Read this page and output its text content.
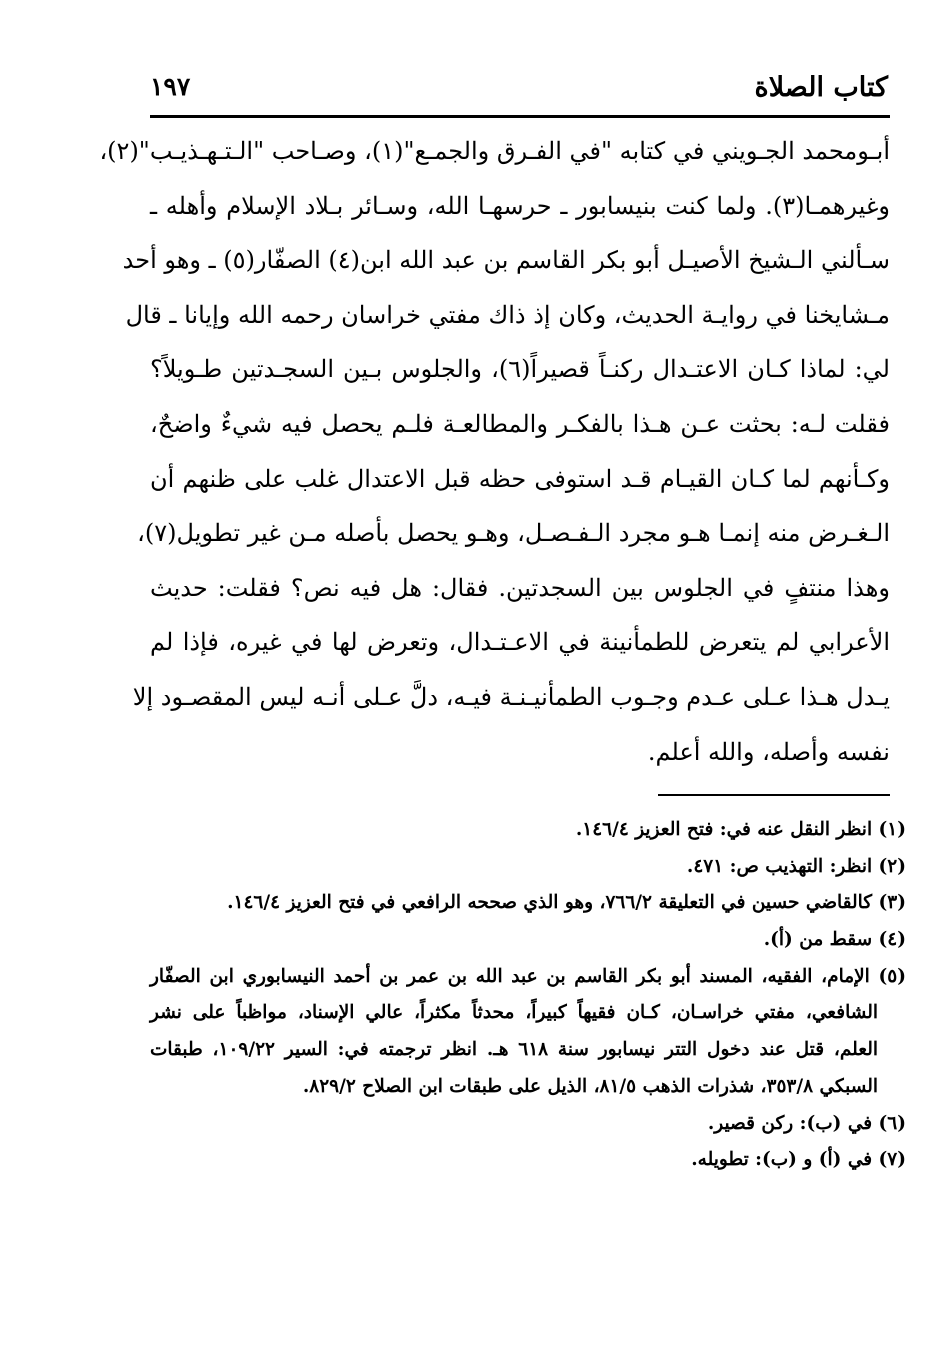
كتاب الصلاة
١٩٧
أبـومحمد الجـويني في كتابه "في الفـرق والجمـع"(١)، وصـاحب "الـتـهـذيـب"(٢)،
وغيرهمـا(٣). ولما كنت بنيسابور ـ حرسهـا الله، وسـائر بـلاد الإسلام وأهله ـ
سـألني الـشيخ الأصيـل أبو بكر القاسم بن عبد الله ابن(٤) الصفّار(٥) ـ وهو أحد
مـشايخنا في روايـة الحديث، وكان إذ ذاك مفتي خراسان رحمه الله وإيانا ـ قال
لي: لماذا كـان الاعتـدال ركنـاً قصيراً(٦)، والجلوس بـين السجـدتين طـويلاً؟
فقلت لـه: بحثت عـن هـذا بالفكـر والمطالعـة فلـم يحصل فيه شيءٌ واضحٌ،
وكـأنهم لما كـان القيـام قـد استوفى حظه قبل الاعتدال غلب على ظنهم أن
الـغـرض منه إنمـا هـو مجرد الـفـصـل، وهـو يحصل بأصله مـن غير تطويل(٧)،
وهذا منتفٍ في الجلوس بين السجدتين. فقال: هل فيه نص؟ فقلت: حديث
الأعرابي لم يتعرض للطمأنينة في الاعـتـدال، وتعرض لها في غيره، فإذا لم
يـدل هـذا عـلى عـدم وجـوب الطمأنيـنـة فيـه، دلَّ عـلى أنـه ليس المقصـود إلا
نفسه وأصله، والله أعلم.
(١) انظر النقل عنه في: فتح العزيز ١٤٦/٤.
(٢) انظر: التهذيب ص: ٤٧١.
(٣) كالقاضي حسين في التعليقة ٧٦٦/٢، وهو الذي صححه الرافعي في فتح العزيز ١٤٦/٤.
(٤) سقط من (أ).
(٥) الإمام، الفقيه، المسند أبو بكر القاسم بن عبد الله بن عمر بن أحمد النيسابوري ابن الصفّار
الشافعي، مفتي خراسـان، كـان فقيهاً كبيراً، محدثاً مكثراً، عالي الإسناد، مواظباً على نشر
العلم، قتل عند دخول التتر نيسابور سنة ٦١٨ هـ. انظر ترجمته في: السير ١٠٩/٢٢، طبقات
السبكي ٣٥٣/٨، شذرات الذهب ٨١/٥، الذيل على طبقات ابن الصلاح ٨٢٩/٢.
(٦) في (ب): ركن قصير.
(٧) في (أ) و (ب): تطويله.
